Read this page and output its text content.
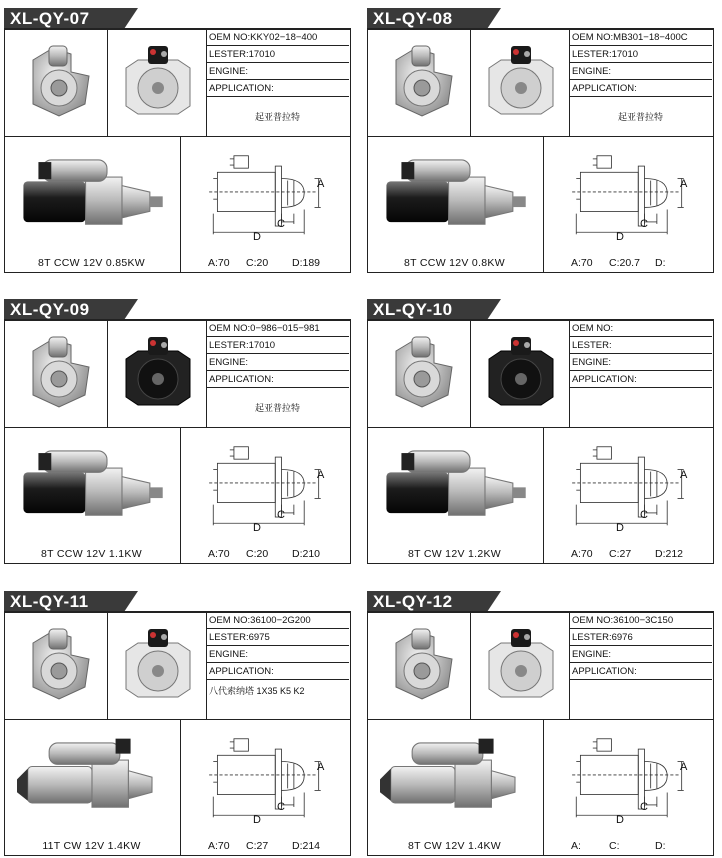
XL-QY-07
A
C
D
OEM NO:KKY02−18−400
LESTER:17010
ENGINE:
APPLICATION:
起亚普拉特
8T CCW 12V 0.85KW	A:70 C:20 D:189
XL-QY-08
A
C
D
OEM NO:MB301−18−400C
LESTER:17010
ENGINE:
APPLICATION:
起亚普拉特
8T CCW 12V 0.8KW	A:70 C:20.7 D:
XL-QY-09
A
C
D
OEM NO:0−986−015−981
LESTER:17010
ENGINE:
APPLICATION:
起亚普拉特
8T CCW 12V 1.1KW	A:70 C:20 D:210
XL-QY-10
A
C
D
OEM NO:
LESTER:
ENGINE:
APPLICATION:
8T CW 12V 1.2KW	A:70 C:27 D:212
XL-QY-11
A
C
D
OEM NO:36100−2G200
LESTER:6975
ENGINE:
APPLICATION:
八代索纳塔 1X35 K5 K2
11T CW 12V 1.4KW	A:70 C:27 D:214
XL-QY-12
A
C
D
OEM NO:36100−3C150
LESTER:6976
ENGINE:
APPLICATION:
8T CW 12V 1.4KW	A:	C:	D:
